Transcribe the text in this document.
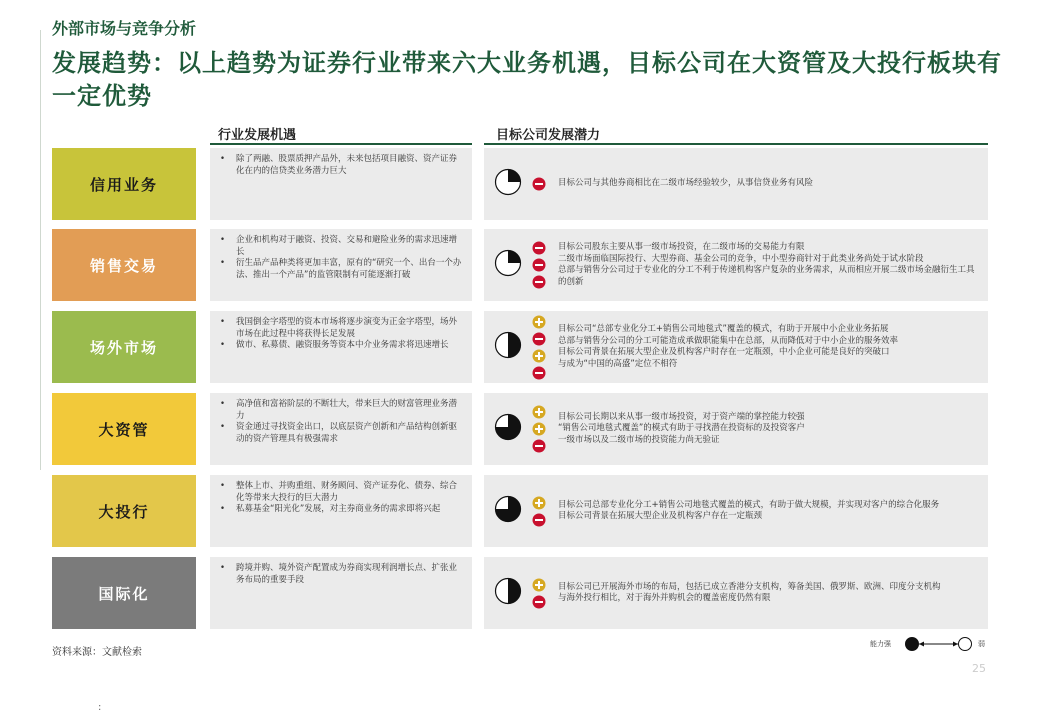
外部市场与竞争分析
发展趋势：以上趋势为证券行业带来六大业务机遇，目标公司在大资管及大投行板块有一定优势
行业发展机遇	目标公司发展潜力
信用业务
•	除了两融、股票质押产品外，未来包括项目融资、资产证券化在内的信贷类业务潜力巨大
目标公司与其他券商相比在二级市场经验较少，从事信贷业务有风险
销售交易
•	企业和机构对于融资、投资、交易和避险业务的需求迅速增长
•	衍生品产品种类将更加丰富，原有的“研究一个、出台一个办法、推出一个产品”的监管限制有可能逐渐打破
目标公司股东主要从事一级市场投资，在二级市场的交易能力有限
二级市场面临国际投行、大型券商、基金公司的竞争，中小型券商针对于此类业务尚处于试水阶段
总部与销售分公司过于专业化的分工不利于传递机构客户复杂的业务需求，从而相应开展二级市场金融衍生工具的创新
场外市场
•	我国倒金字塔型的资本市场将逐步演变为正金字塔型，场外市场在此过程中将获得长足发展
•	做市、私募债、融资服务等资本中介业务需求将迅速增长
目标公司“总部专业化分工+销售公司地毯式”覆盖的模式，有助于开展中小企业业务拓展
总部与销售分公司的分工可能造成承做职能集中在总部，从而降低对于中小企业的服务效率
目标公司背景在拓展大型企业及机构客户时存在一定瓶颈，中小企业可能是良好的突破口
与成为“中国的高盛”定位不相符
大资管
•	高净值和富裕阶层的不断壮大，带来巨大的财富管理业务潜力
•	资金通过寻找资金出口，以底层资产创新和产品结构创新驱动的资产管理具有极强需求
目标公司长期以来从事一级市场投资，对于资产端的掌控能力较强
“销售公司地毯式覆盖”的模式有助于寻找潜在投资标的及投资客户
一级市场以及二级市场的投资能力尚无验证
大投行
•	整体上市、并购重组、财务顾问、资产证券化、债券、综合化等带来大投行的巨大潜力
•	私募基金“阳光化”发展，对主券商业务的需求即将兴起	目标公司总部专业化分工+销售公司地毯式覆盖的模式，有助于做大规模，并实现对客户的综合化服务
目标公司背景在拓展大型企业及机构客户存在一定瓶颈
国际化
•	跨境并购、境外资产配置成为券商实现利润增长点、扩张业务布局的重要手段
目标公司已开展海外市场的布局，包括已成立香港分支机构，筹备美国、俄罗斯、欧洲、印度分支机构
与海外投行相比，对于海外并购机会的覆盖密度仍然有限
资料来源：文献检索
能力强	弱
25
:
